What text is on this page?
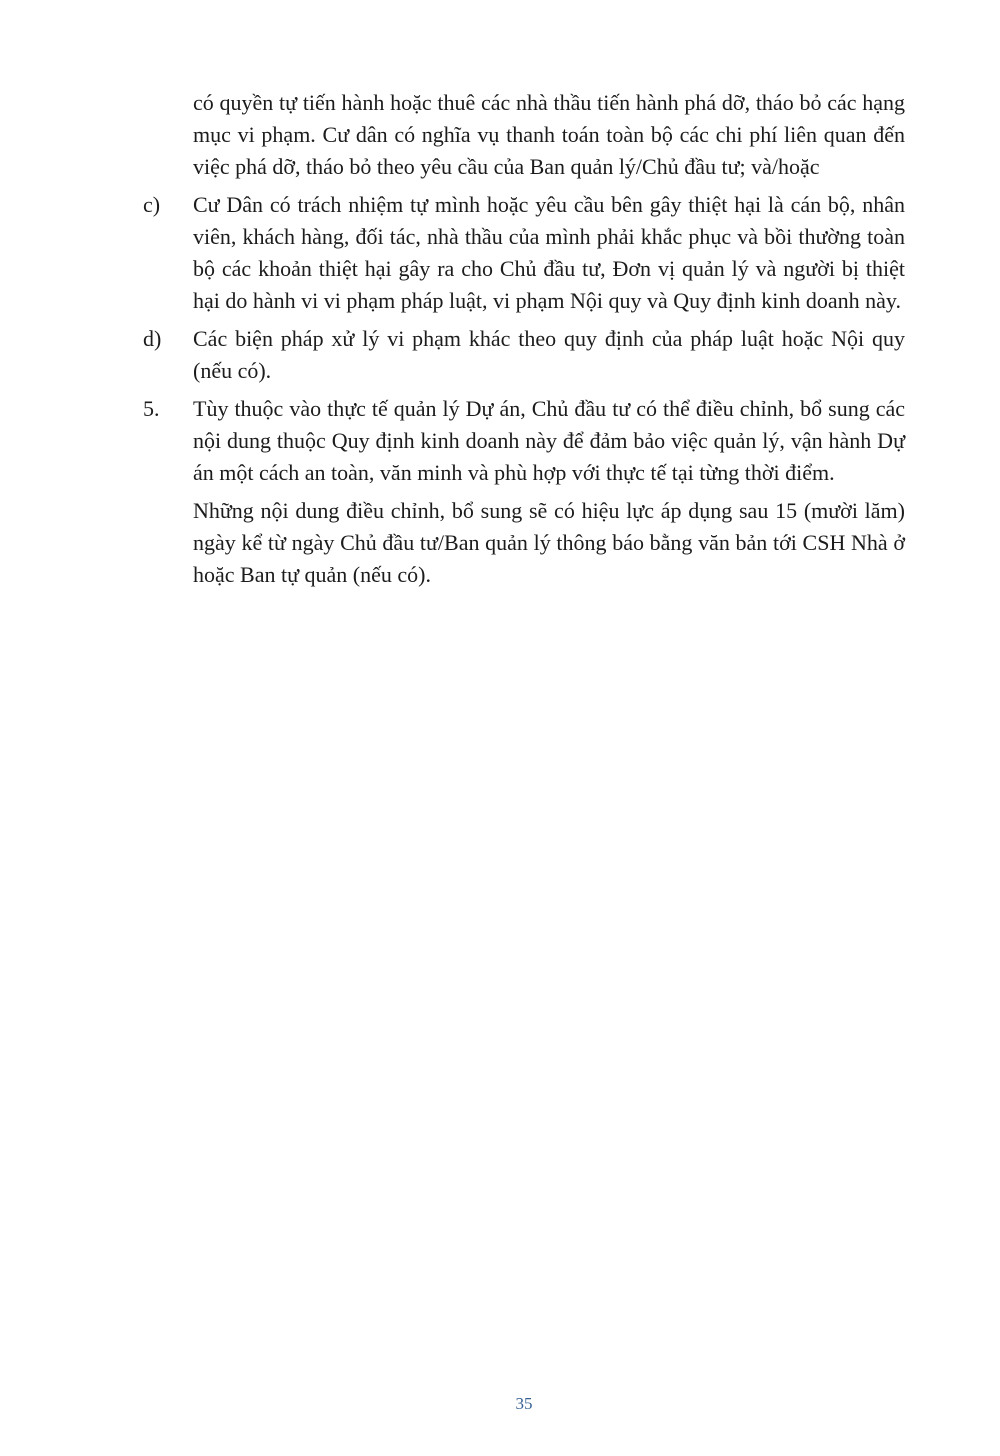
có quyền tự tiến hành hoặc thuê các nhà thầu tiến hành phá dỡ, tháo bỏ các hạng mục vi phạm. Cư dân có nghĩa vụ thanh toán toàn bộ các chi phí liên quan đến việc phá dỡ, tháo bỏ theo yêu cầu của Ban quản lý/Chủ đầu tư; và/hoặc

c)	Cư Dân có trách nhiệm tự mình hoặc yêu cầu bên gây thiệt hại là cán bộ, nhân viên, khách hàng, đối tác, nhà thầu của mình phải khắc phục và bồi thường toàn bộ các khoản thiệt hại gây ra cho Chủ đầu tư, Đơn vị quản lý và người bị thiệt hại do hành vi vi phạm pháp luật, vi phạm Nội quy và Quy định kinh doanh này.

d)	Các biện pháp xử lý vi phạm khác theo quy định của pháp luật hoặc Nội quy (nếu có).

5.	Tùy thuộc vào thực tế quản lý Dự án, Chủ đầu tư có thể điều chỉnh, bổ sung các nội dung thuộc Quy định kinh doanh này để đảm bảo việc quản lý, vận hành Dự án một cách an toàn, văn minh và phù hợp với thực tế tại từng thời điểm.

Những nội dung điều chỉnh, bổ sung sẽ có hiệu lực áp dụng sau 15 (mười lăm) ngày kể từ ngày Chủ đầu tư/Ban quản lý thông báo bằng văn bản tới CSH Nhà ở hoặc Ban tự quản (nếu có).

35
